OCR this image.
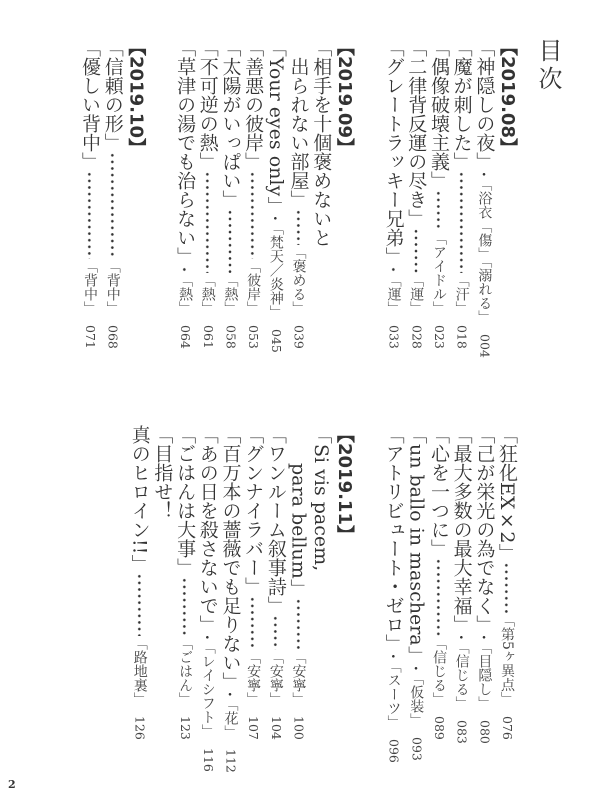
目次
【2019.08】
「神隠しの夜」
「浴衣「傷」「溺れる」
004
「魔が刺した」
「汗」
018
「偶像破壊主義」
「アイドル」
023
「二律背反運の尽き」
「運」
028
「グレートラッキー兄弟」
「運」
033
【2019.09】
「相手を十個褒めないと
出られない部屋」
「褒める」
039
「Your eyes only」
「梵天／炎神」
045
「善悪の彼岸」
「彼岸」
053
「太陽がいっぱい」
「熱」
058
「不可逆の熱」
「熱」
061
「草津の湯でも治らない」
「熱」
064
【2019.10】
「信頼の形」
「背中」
068
「優しい背中」
「背中」
071
「狂化EX×2」
「第5ヶ異点」
076
「己が栄光の為でなく」
「目隠し」
080
「最大多数の最大幸福」
「信じる」
083
「心を一つに」
「信じる」
089
「un ballo in maschera」
「仮装」
093
「アトリビュート・ゼロ」
「スーツ」
096
【2019.11】
「Si vis pacem,
para bellum」
「安寧」
100
「ワンルーム叙事詩」
「安寧」
104
「グンナイラバー」
「安寧」
107
「百万本の薔薇でも足りない」
「花」
112
「あの日を殺さないで」
「レイシフト」
116
「ごはんは大事」
「ごはん」
123
「目指せ！
真のヒロイン!!」
「路地裏」
126
2
